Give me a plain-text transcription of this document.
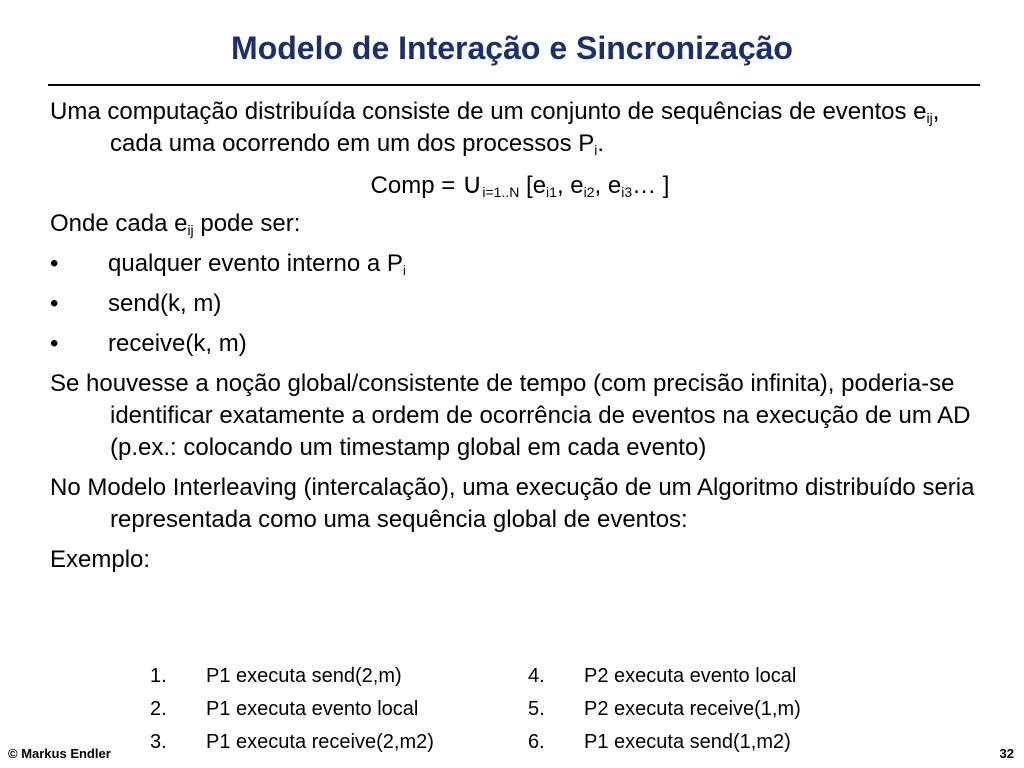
Modelo de Interação e Sincronização

Uma computação distribuída consiste de um conjunto de sequências de eventos $e_{ij}$, cada uma ocorrendo em um dos processos $P_i$.

Comp = $\cup_{i=1..N}$ [$e_{i1}$, $e_{i2}$, $e_{i3}\dots$ ]

Onde cada $e_{ij}$ pode ser:

•	qualquer evento interno a $P_i$
•	send(k, m)
•	receive(k, m)

Se houvesse a noção global/consistente de tempo (com precisão infinita), poderia-se identificar exatamente a ordem de ocorrência de eventos na execução de um AD (p.ex.: colocando um timestamp global em cada evento)

No Modelo Interleaving (intercalação), uma execução de um Algoritmo distribuído seria representada como uma sequência global de eventos:

Exemplo:

1.	P1 executa send(2,m)
2.	P1 executa evento local
3.	P1 executa receive(2,m2)
4.	P2 executa evento local
5.	P2 executa receive(1,m)
6.	P1 executa send(1,m2)
© Markus Endler	32
